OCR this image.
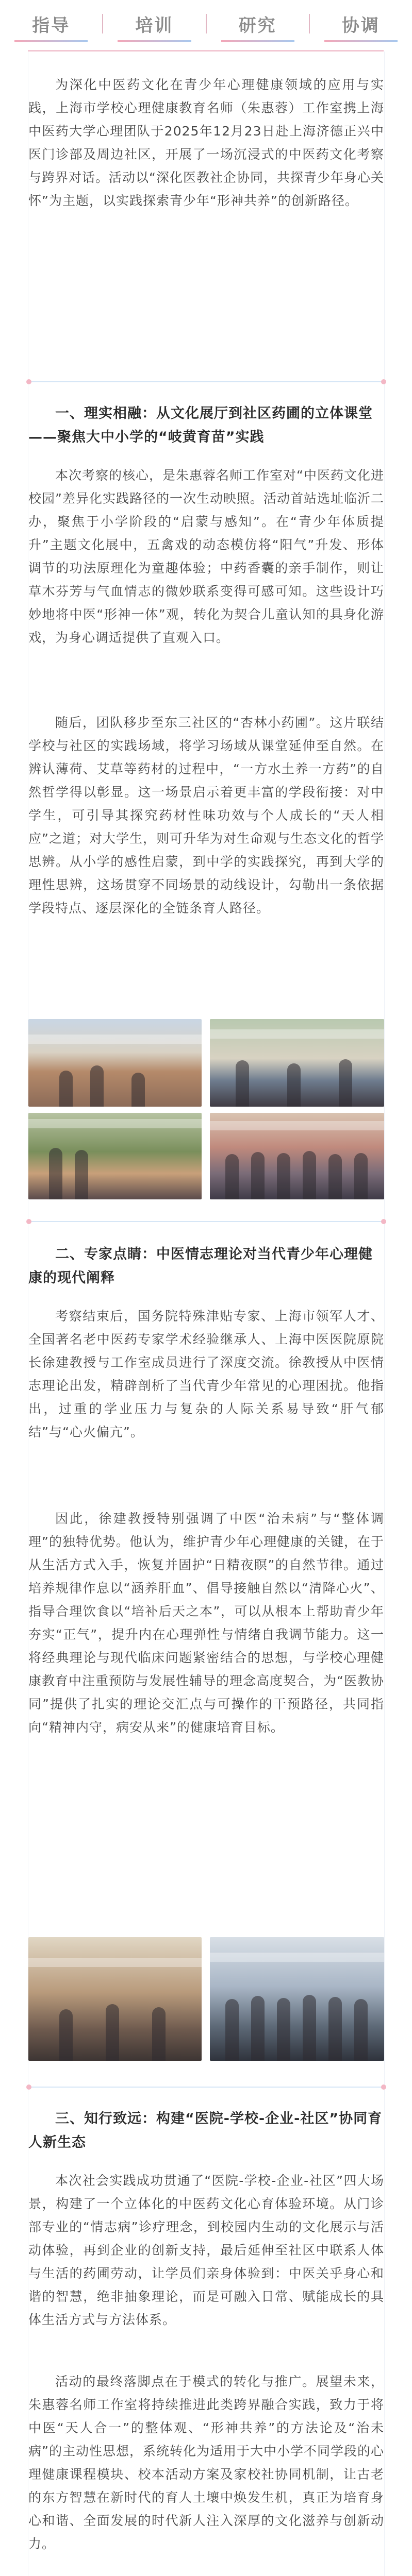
指导	培训	研究	协调

为深化中医药文化在青少年心理健康领域的应用与实践，上海市学校心理健康教育名师（朱惠蓉）工作室携上海中医药大学心理团队于2025年12月23日赴上海济德正兴中医门诊部及周边社区，开展了一场沉浸式的中医药文化考察与跨界对话。活动以“深化医教社企协同，共探青少年身心关怀”为主题，以实践探索青少年“形神共养”的创新路径。

一、理实相融：从文化展厅到社区药圃的立体课堂——聚焦大中小学的“岐黄育苗”实践

本次考察的核心，是朱惠蓉名师工作室对“中医药文化进校园”差异化实践路径的一次生动映照。活动首站选址临沂二办，聚焦于小学阶段的“启蒙与感知”。在“青少年体质提升”主题文化展中，五禽戏的动态模仿将“阳气”升发、形体调节的功法原理化为童趣体验；中药香囊的亲手制作，则让草木芬芳与气血情志的微妙联系变得可感可知。这些设计巧妙地将中医“形神一体”观，转化为契合儿童认知的具身化游戏，为身心调适提供了直观入口。

随后，团队移步至东三社区的“杏林小药圃”。这片联结学校与社区的实践场域，将学习场域从课堂延伸至自然。在辨认薄荷、艾草等药材的过程中，“一方水土养一方药”的自然哲学得以彰显。这一场景启示着更丰富的学段衔接：对中学生，可引导其探究药材性味功效与个人成长的“天人相应”之道；对大学生，则可升华为对生命观与生态文化的哲学思辨。从小学的感性启蒙，到中学的实践探究，再到大学的理性思辨，这场贯穿不同场景的动线设计，勾勒出一条依据学段特点、逐层深化的全链条育人路径。

二、专家点睛：中医情志理论对当代青少年心理健康的现代阐释

考察结束后，国务院特殊津贴专家、上海市领军人才、全国著名老中医药专家学术经验继承人、上海中医医院原院长徐建教授与工作室成员进行了深度交流。徐教授从中医情志理论出发，精辟剖析了当代青少年常见的心理困扰。他指出，过重的学业压力与复杂的人际关系易导致“肝气郁结”与“心火偏亢”。

因此，徐建教授特别强调了中医“治未病”与“整体调理”的独特优势。他认为，维护青少年心理健康的关键，在于从生活方式入手，恢复并固护“日精夜瞑”的自然节律。通过培养规律作息以“涵养肝血”、倡导接触自然以“清降心火”、指导合理饮食以“培补后天之本”，可以从根本上帮助青少年夯实“正气”，提升内在心理弹性与情绪自我调节能力。这一将经典理论与现代临床问题紧密结合的思想，与学校心理健康教育中注重预防与发展性辅导的理念高度契合，为“医教协同”提供了扎实的理论交汇点与可操作的干预路径，共同指向“精神内守，病安从来”的健康培育目标。

三、知行致远：构建“医院-学校-企业-社区”协同育人新生态

本次社会实践成功贯通了“医院-学校-企业-社区”四大场景，构建了一个立体化的中医药文化心育体验环境。从门诊部专业的“情志病”诊疗理念，到校园内生动的文化展示与活动体验，再到企业的创新支持，最后延伸至社区中联系人体与生活的药圃劳动，让学员们亲身体验到：中医关乎身心和谐的智慧，绝非抽象理论，而是可融入日常、赋能成长的具体生活方式与方法体系。

活动的最终落脚点在于模式的转化与推广。展望未来，朱惠蓉名师工作室将持续推进此类跨界融合实践，致力于将中医“天人合一”的整体观、“形神共养”的方法论及“治未病”的主动性思想，系统转化为适用于大中小学不同学段的心理健康课程模块、校本活动方案及家校社协同机制，让古老的东方智慧在新时代的育人土壤中焕发生机，真正为培育身心和谐、全面发展的时代新人注入深厚的文化滋养与创新动力。
